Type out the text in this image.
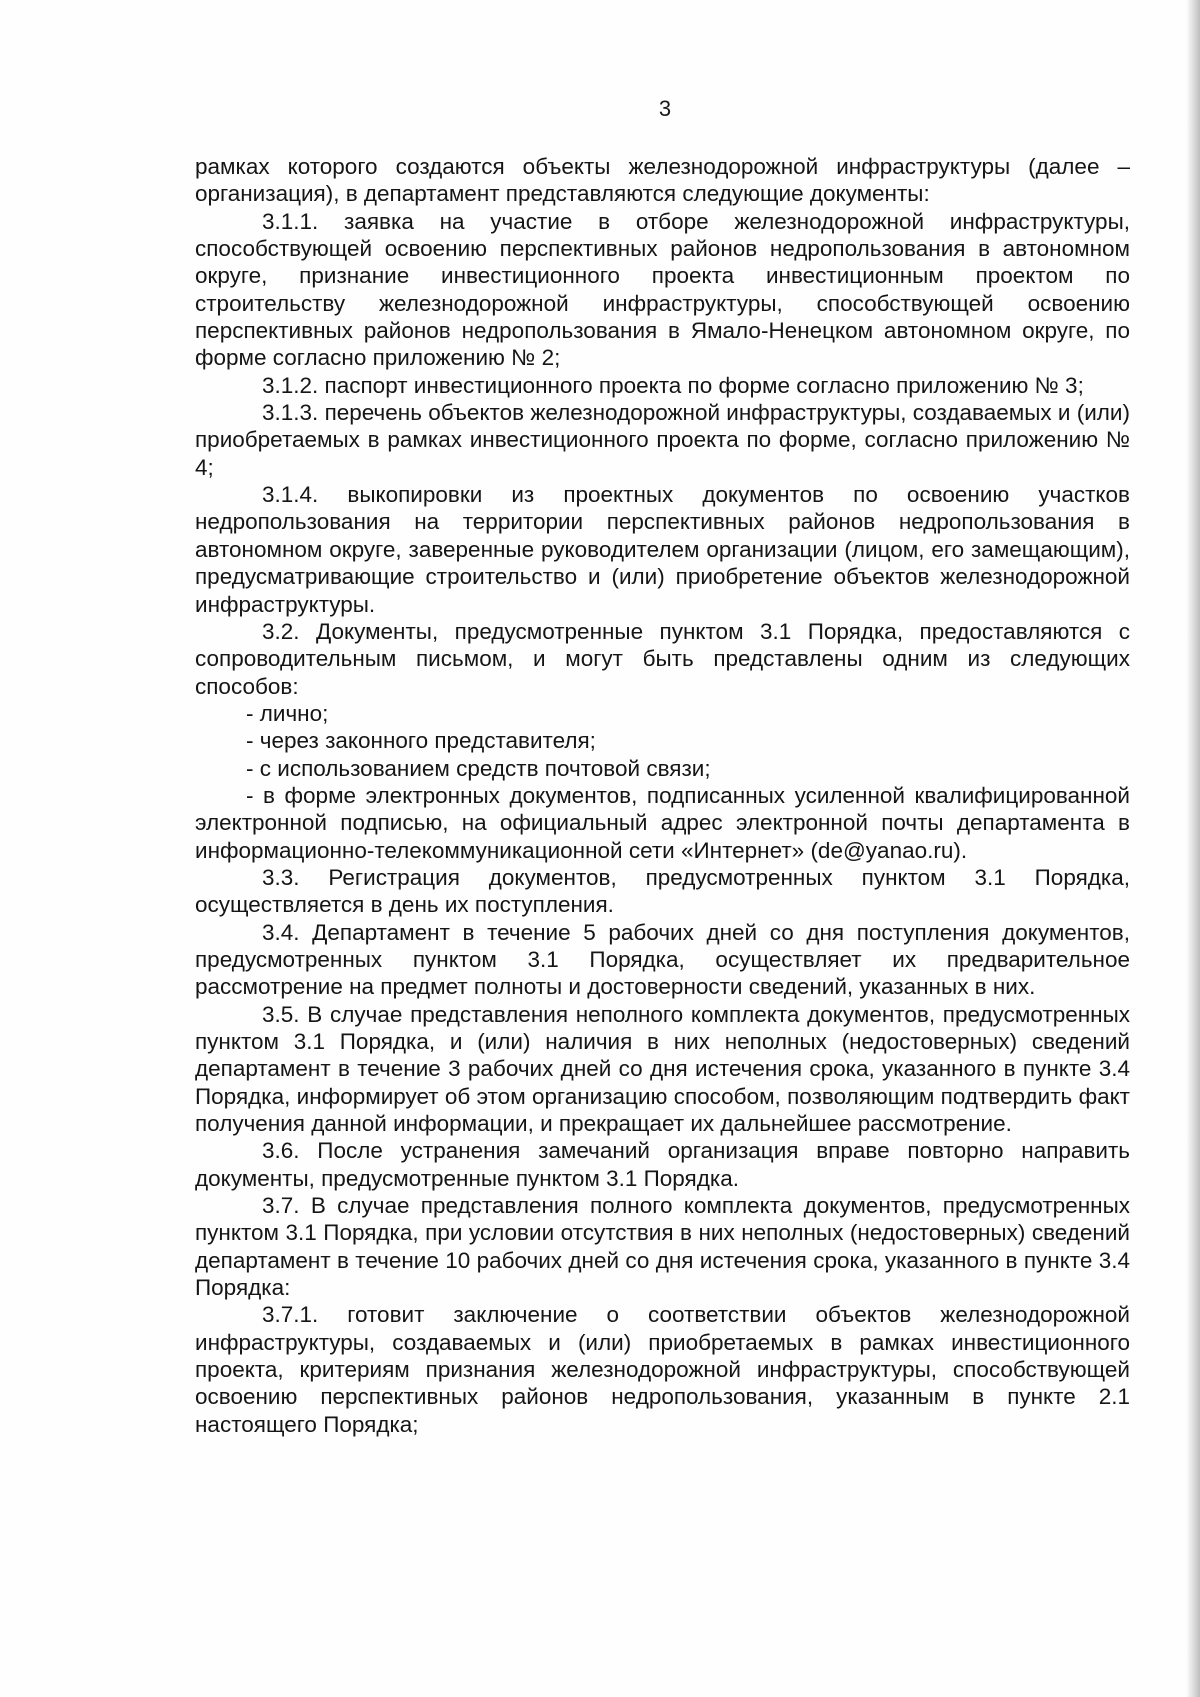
3

рамках которого создаются объекты железнодорожной инфраструктуры (далее – организация), в департамент представляются следующие документы:

3.1.1. заявка на участие в отборе железнодорожной инфраструктуры, способствующей освоению перспективных районов недропользования в автономном округе, признание инвестиционного проекта инвестиционным проектом по строительству железнодорожной инфраструктуры, способствующей освоению перспективных районов недропользования в Ямало-Ненецком автономном округе, по форме согласно приложению № 2;

3.1.2. паспорт инвестиционного проекта по форме согласно приложению № 3;

3.1.3. перечень объектов железнодорожной инфраструктуры, создаваемых и (или) приобретаемых в рамках инвестиционного проекта по форме, согласно приложению № 4;

3.1.4. выкопировки из проектных документов по освоению участков недропользования на территории перспективных районов недропользования в автономном округе, заверенные руководителем организации (лицом, его замещающим), предусматривающие строительство и (или) приобретение объектов железнодорожной инфраструктуры.

3.2. Документы, предусмотренные пунктом 3.1 Порядка, предоставляются с сопроводительным письмом, и могут быть представлены одним из следующих способов:

- лично;

- через законного представителя;

- с использованием средств почтовой связи;

- в форме электронных документов, подписанных усиленной квалифицированной электронной подписью, на официальный адрес электронной почты департамента в информационно-телекоммуникационной сети «Интернет» (de@yanao.ru).

3.3. Регистрация документов, предусмотренных пунктом 3.1 Порядка, осуществляется в день их поступления.

3.4. Департамент в течение 5 рабочих дней со дня поступления документов, предусмотренных пунктом 3.1 Порядка, осуществляет их предварительное рассмотрение на предмет полноты и достоверности сведений, указанных в них.

3.5. В случае представления неполного комплекта документов, предусмотренных пунктом 3.1 Порядка, и (или) наличия в них неполных (недостоверных) сведений департамент в течение 3 рабочих дней со дня истечения срока, указанного в пункте 3.4 Порядка, информирует об этом организацию способом, позволяющим подтвердить факт получения данной информации, и прекращает их дальнейшее рассмотрение.

3.6. После устранения замечаний организация вправе повторно направить документы, предусмотренные пунктом 3.1 Порядка.

3.7. В случае представления полного комплекта документов, предусмотренных пунктом 3.1 Порядка, при условии отсутствия в них неполных (недостоверных) сведений департамент в течение 10 рабочих дней со дня истечения срока, указанного в пункте 3.4 Порядка:

3.7.1. готовит заключение о соответствии объектов железнодорожной инфраструктуры, создаваемых и (или) приобретаемых в рамках инвестиционного проекта, критериям признания железнодорожной инфраструктуры, способствующей освоению перспективных районов недропользования, указанным в пункте 2.1 настоящего Порядка;
